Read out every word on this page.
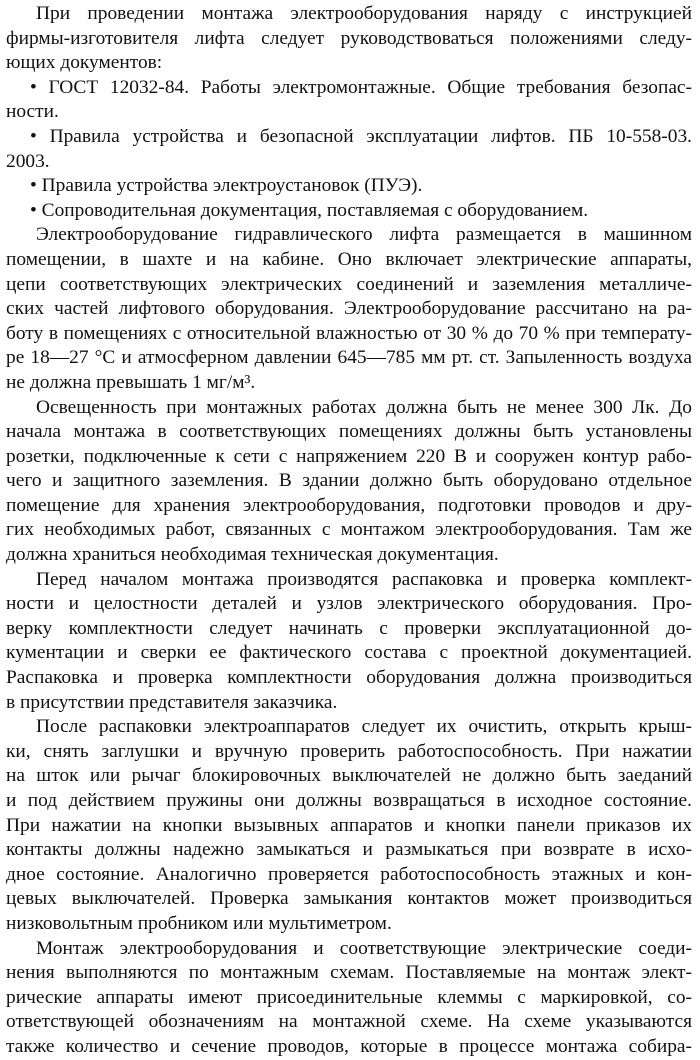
При проведении монтажа электрооборудования наряду с инструкцией
фирмы-изготовителя лифта следует руководствоваться положениями следу-
ющих документов:
• ГОСТ 12032-84. Работы электромонтажные. Общие требования безопас-
ности.
• Правила устройства и безопасной эксплуатации лифтов. ПБ 10-558-03.
2003.
• Правила устройства электроустановок (ПУЭ).
• Сопроводительная документация, поставляемая с оборудованием.
Электрооборудование гидравлического лифта размещается в машинном
помещении, в шахте и на кабине. Оно включает электрические аппараты,
цепи соответствующих электрических соединений и заземления металличе-
ских частей лифтового оборудования. Электрооборудование рассчитано на ра-
боту в помещениях с относительной влажностью от 30 % до 70 % при температу-
ре 18—27 °С и атмосферном давлении 645—785 мм рт. ст. Запыленность воздуха
не должна превышать 1 мг/м³.
Освещенность при монтажных работах должна быть не менее 300 Лк. До
начала монтажа в соответствующих помещениях должны быть установлены
розетки, подключенные к сети с напряжением 220 В и сооружен контур рабо-
чего и защитного заземления. В здании должно быть оборудовано отдельное
помещение для хранения электрооборудования, подготовки проводов и дру-
гих необходимых работ, связанных с монтажом электрооборудования. Там же
должна храниться необходимая техническая документация.
Перед началом монтажа производятся распаковка и проверка комплект-
ности и целостности деталей и узлов электрического оборудования. Про-
верку комплектности следует начинать с проверки эксплуатационной до-
кументации и сверки ее фактического состава с проектной документацией.
Распаковка и проверка комплектности оборудования должна производиться
в присутствии представителя заказчика.
После распаковки электроаппаратов следует их очистить, открыть крыш-
ки, снять заглушки и вручную проверить работоспособность. При нажатии
на шток или рычаг блокировочных выключателей не должно быть заеданий
и под действием пружины они должны возвращаться в исходное состояние.
При нажатии на кнопки вызывных аппаратов и кнопки панели приказов их
контакты должны надежно замыкаться и размыкаться при возврате в исхо-
дное состояние. Аналогично проверяется работоспособность этажных и кон-
цевых выключателей. Проверка замыкания контактов может производиться
низковольтным пробником или мультиметром.
Монтаж электрооборудования и соответствующие электрические соеди-
нения выполняются по монтажным схемам. Поставляемые на монтаж элект-
рические аппараты имеют присоединительные клеммы с маркировкой, со-
ответствующей обозначениям на монтажной схеме. На схеме указываются
также количество и сечение проводов, которые в процессе монтажа собира-
